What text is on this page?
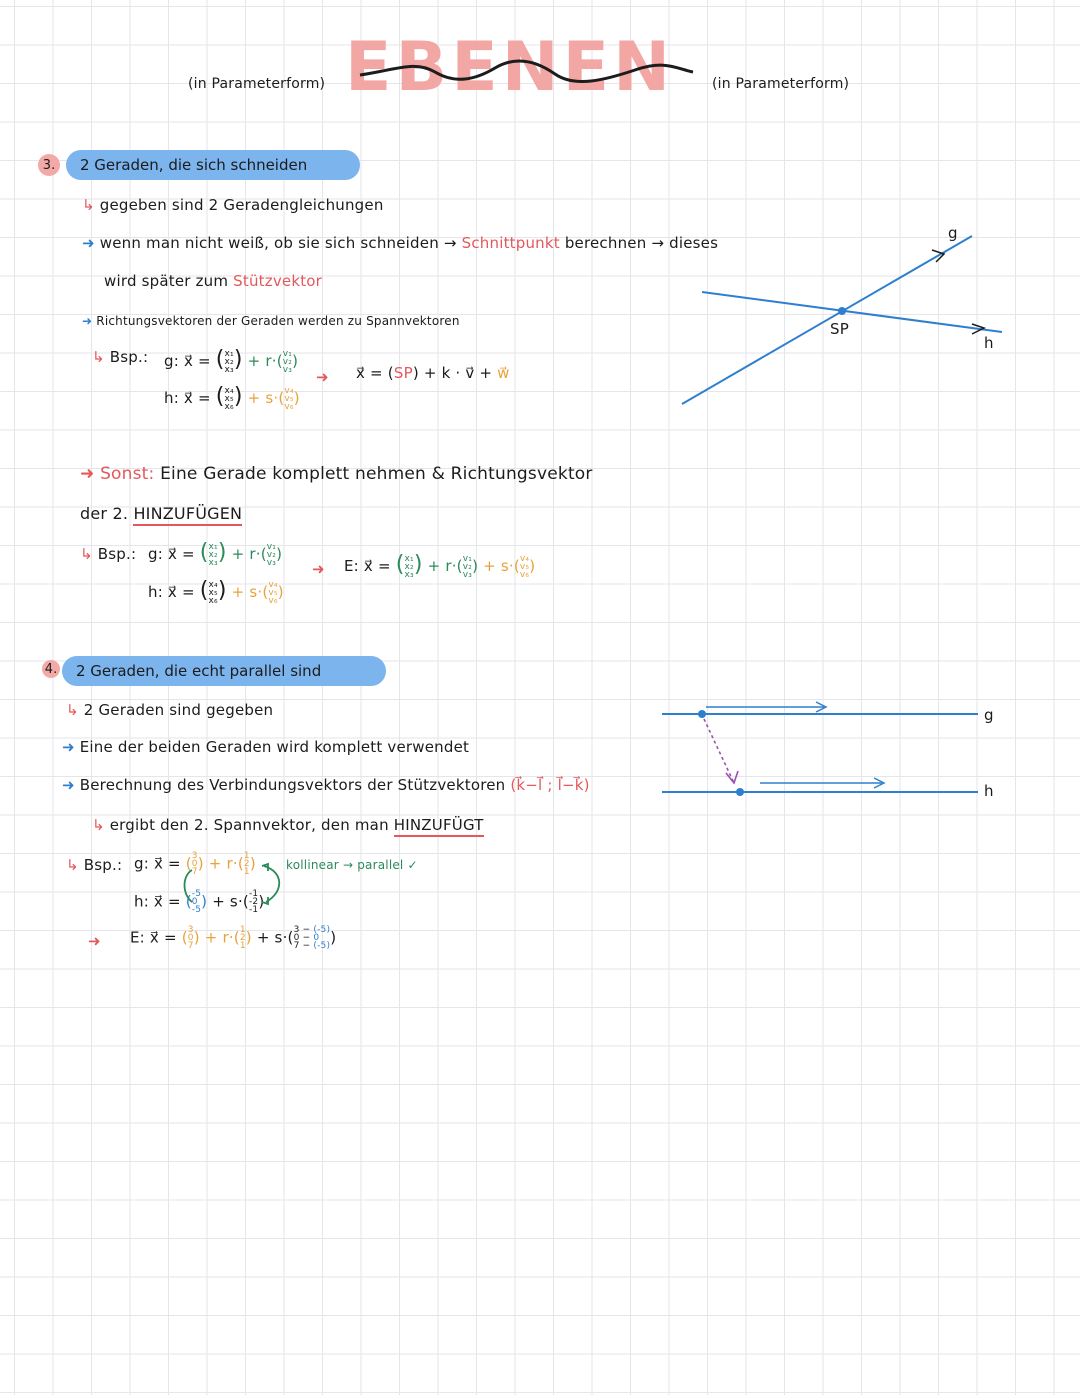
EBENEN
(in Parameterform)	(in Parameterform)
3.	2 Geraden, die sich schneiden
↳ gegeben sind 2 Geradengleichungen
➜ wenn man nicht weiß, ob sie sich schneiden → Schnittpunkt berechnen → dieses
wird später zum Stützvektor
➜ Richtungsvektoren der Geraden werden zu Spannvektoren
↳ Bsp.: g: x⃗ = (x₁
x₂
x₃) + r·(v₁
v₂
v₃)
h: x⃗ = (x₄
x₅
x₆) + s·(v₄
v₅
v₆)
➜ x⃗ = (SP) + k · v⃗ + w⃗
g
h
SP
➜ Sonst: Eine Gerade komplett nehmen & Richtungsvektor
der 2. HINZUFÜGEN
↳ Bsp.: g: x⃗ = (x₁
x₂
x₃) + r·(v₁
v₂
v₃)
h: x⃗ = (x₄
x₅
x₆) + s·(v₄
v₅
v₆)
➜ E: x⃗ = (x₁
x₂
x₃) + r·(v₁
v₂
v₃) + s·(v₄
v₅
v₆)
4.	2 Geraden, die echt parallel sind
↳ 2 Geraden sind gegeben
➜ Eine der beiden Geraden wird komplett verwendet
➜ Berechnung des Verbindungsvektors der Stützvektoren (k⃗−l⃗ ; l⃗−k⃗)
↳ ergibt den 2. Spannvektor, den man HINZUFÜGT
↳ Bsp.: g: x⃗ = (3
0
7) + r·(1
2
1)	kollinear → parallel ✓
h: x⃗ = (-5
0
-5) + s·(-1
-2
-1)
➜ E: x⃗ = (3
0
7) + r·(1
2
1) + s·(3 − (-5)
0 − 0
7 − (-5))
g
h
